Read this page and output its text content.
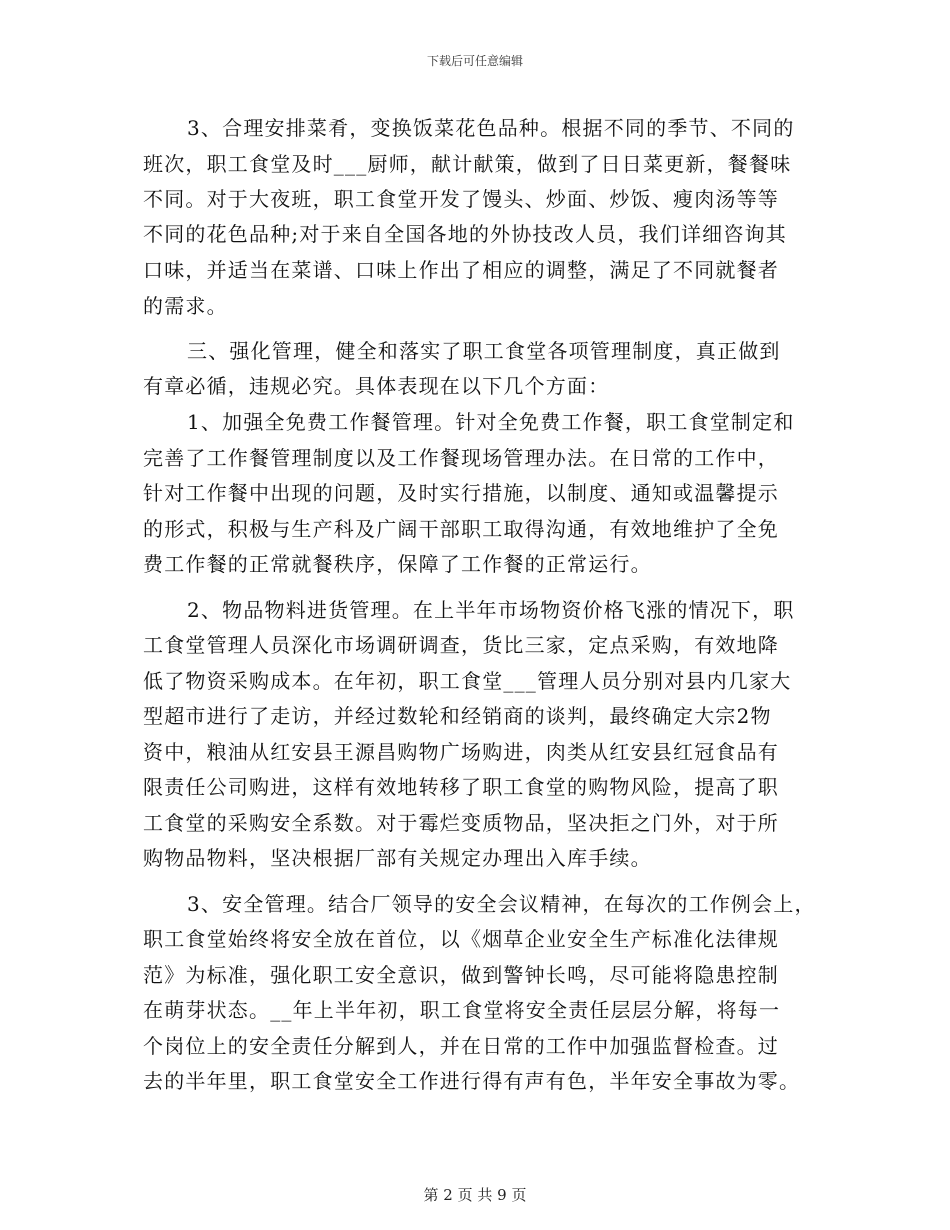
下载后可任意编辑
3、合理安排菜肴，变换饭菜花色品种。根据不同的季节、不同的
班次，职工食堂及时___厨师，献计献策，做到了日日菜更新，餐餐味
不同。对于大夜班，职工食堂开发了馒头、炒面、炒饭、瘦肉汤等等
不同的花色品种;对于来自全国各地的外协技改人员，我们详细咨询其
口味，并适当在菜谱、口味上作出了相应的调整，满足了不同就餐者
的需求。
三、强化管理，健全和落实了职工食堂各项管理制度，真正做到
有章必循，违规必究。具体表现在以下几个方面：
1、加强全免费工作餐管理。针对全免费工作餐，职工食堂制定和
完善了工作餐管理制度以及工作餐现场管理办法。在日常的工作中，
针对工作餐中出现的问题，及时实行措施，以制度、通知或温馨提示
的形式，积极与生产科及广阔干部职工取得沟通，有效地维护了全免
费工作餐的正常就餐秩序，保障了工作餐的正常运行。
2、物品物料进货管理。在上半年市场物资价格飞涨的情况下，职
工食堂管理人员深化市场调研调查，货比三家，定点采购，有效地降
低了物资采购成本。在年初，职工食堂___管理人员分别对县内几家大
型超市进行了走访，并经过数轮和经销商的谈判，最终确定大宗2物
资中，粮油从红安县王源昌购物广场购进，肉类从红安县红冠食品有
限责任公司购进，这样有效地转移了职工食堂的购物风险，提高了职
工食堂的采购安全系数。对于霉烂变质物品，坚决拒之门外，对于所
购物品物料，坚决根据厂部有关规定办理出入库手续。
3、安全管理。结合厂领导的安全会议精神，在每次的工作例会上，
职工食堂始终将安全放在首位，以《烟草企业安全生产标准化法律规
范》为标准，强化职工安全意识，做到警钟长鸣，尽可能将隐患控制
在萌芽状态。__年上半年初，职工食堂将安全责任层层分解，将每一
个岗位上的安全责任分解到人，并在日常的工作中加强监督检查。过
去的半年里，职工食堂安全工作进行得有声有色，半年安全事故为零。
第 2 页 共 9 页
